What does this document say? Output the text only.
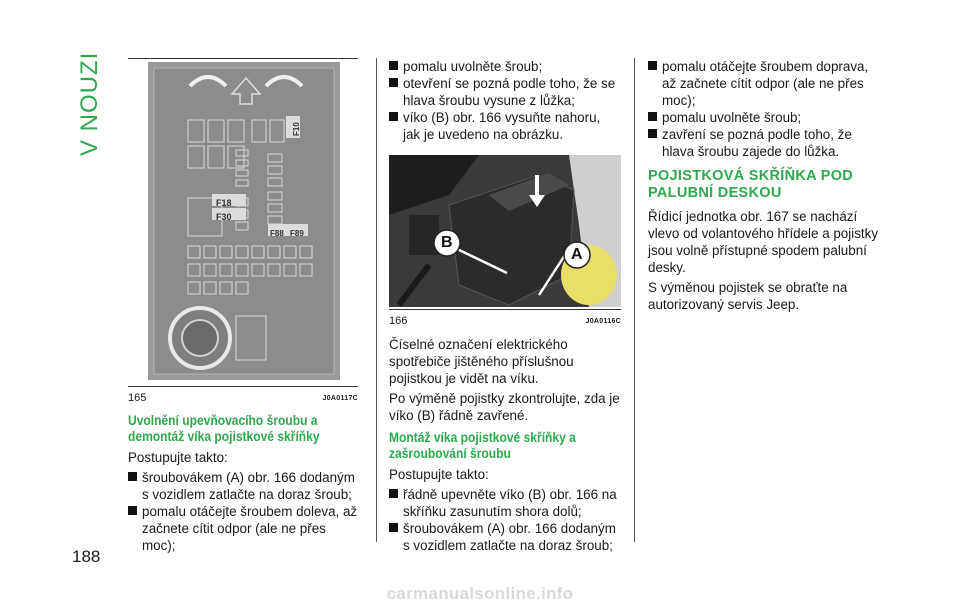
V NOUZI
188
F10
F18
F30
F88 F89
165	J0A0117C
Uvolnění upevňovacího šroubu a demontáž víka pojistkové skříňky

Postupujte takto:

šroubovákem (A) obr. 166 dodaným s vozidlem zatlačte na doraz šroub;
pomalu otáčejte šroubem doleva, až začnete cítit odpor (ale ne přes moc);
pomalu uvolněte šroub;
otevření se pozná podle toho, že se hlava šroubu vysune z lůžka;
víko (B) obr. 166 vysuňte nahoru, jak je uvedeno na obrázku.
B
A
166	J0A0116C

Číselné označení elektrického spotřebiče jištěného příslušnou pojistkou je vidět na víku.

Po výměně pojistky zkontrolujte, zda je víko (B) řádně zavřené.

Montáž víka pojistkové skříňky a zašroubování šroubu

Postupujte takto:

řádně upevněte víko (B) obr. 166 na skříňku zasunutím shora dolů;
šroubovákem (A) obr. 166 dodaným s vozidlem zatlačte na doraz šroub;
pomalu otáčejte šroubem doprava, až začnete cítit odpor (ale ne přes moc);
pomalu uvolněte šroub;
zavření se pozná podle toho, že hlava šroubu zajede do lůžka.
POJISTKOVÁ SKŘÍŇKA POD PALUBNÍ DESKOU

Řídicí jednotka obr. 167 se nachází vlevo od volantového hřídele a pojistky jsou volně přístupné spodem palubní desky.

S výměnou pojistek se obraťte na autorizovaný servis Jeep.

carmanualsonline.info
